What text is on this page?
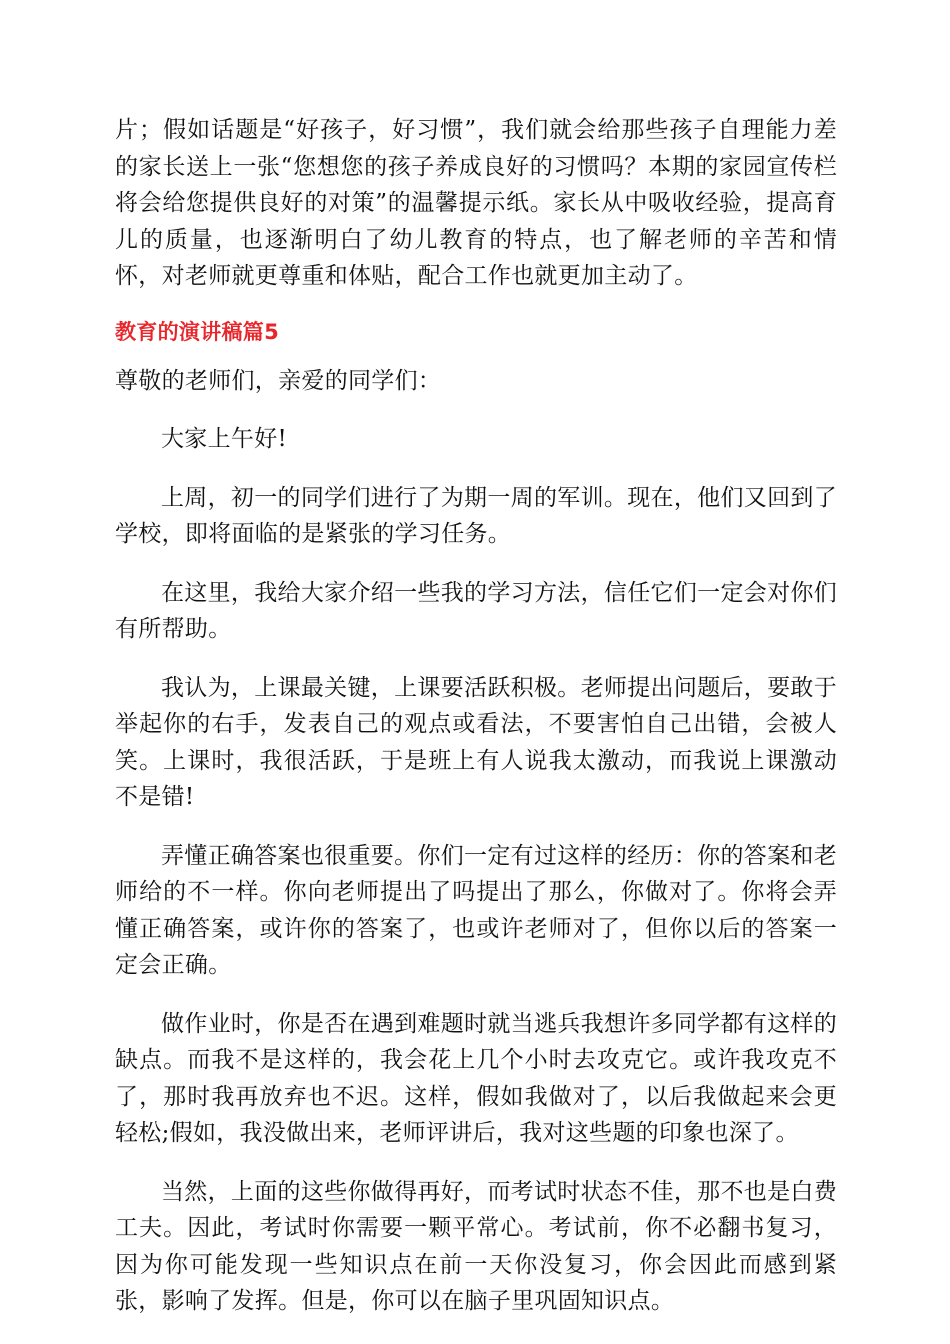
片；假如话题是“好孩子，好习惯”，我们就会给那些孩子自理能力差的家长送上一张“您想您的孩子养成良好的习惯吗？本期的家园宣传栏将会给您提供良好的对策”的温馨提示纸。家长从中吸收经验，提高育儿的质量，也逐渐明白了幼儿教育的特点，也了解老师的辛苦和情怀，对老师就更尊重和体贴，配合工作也就更加主动了。

教育的演讲稿篇5

尊敬的老师们，亲爱的同学们：

大家上午好!

上周，初一的同学们进行了为期一周的军训。现在，他们又回到了学校，即将面临的是紧张的学习任务。

在这里，我给大家介绍一些我的学习方法，信任它们一定会对你们有所帮助。

我认为，上课最关键，上课要活跃积极。老师提出问题后，要敢于举起你的右手，发表自己的观点或看法，不要害怕自己出错，会被人笑。上课时，我很活跃，于是班上有人说我太激动，而我说上课激动不是错!

弄懂正确答案也很重要。你们一定有过这样的经历：你的答案和老师给的不一样。你向老师提出了吗提出了那么，你做对了。你将会弄懂正确答案，或许你的答案了，也或许老师对了，但你以后的答案一定会正确。

做作业时，你是否在遇到难题时就当逃兵我想许多同学都有这样的缺点。而我不是这样的，我会花上几个小时去攻克它。或许我攻克不了，那时我再放弃也不迟。这样，假如我做对了，以后我做起来会更轻松;假如，我没做出来，老师评讲后，我对这些题的印象也深了。

当然，上面的这些你做得再好，而考试时状态不佳，那不也是白费工夫。因此，考试时你需要一颗平常心。考试前，你不必翻书复习，因为你可能发现一些知识点在前一天你没复习，你会因此而感到紧张，影响了发挥。但是，你可以在脑子里巩固知识点。
